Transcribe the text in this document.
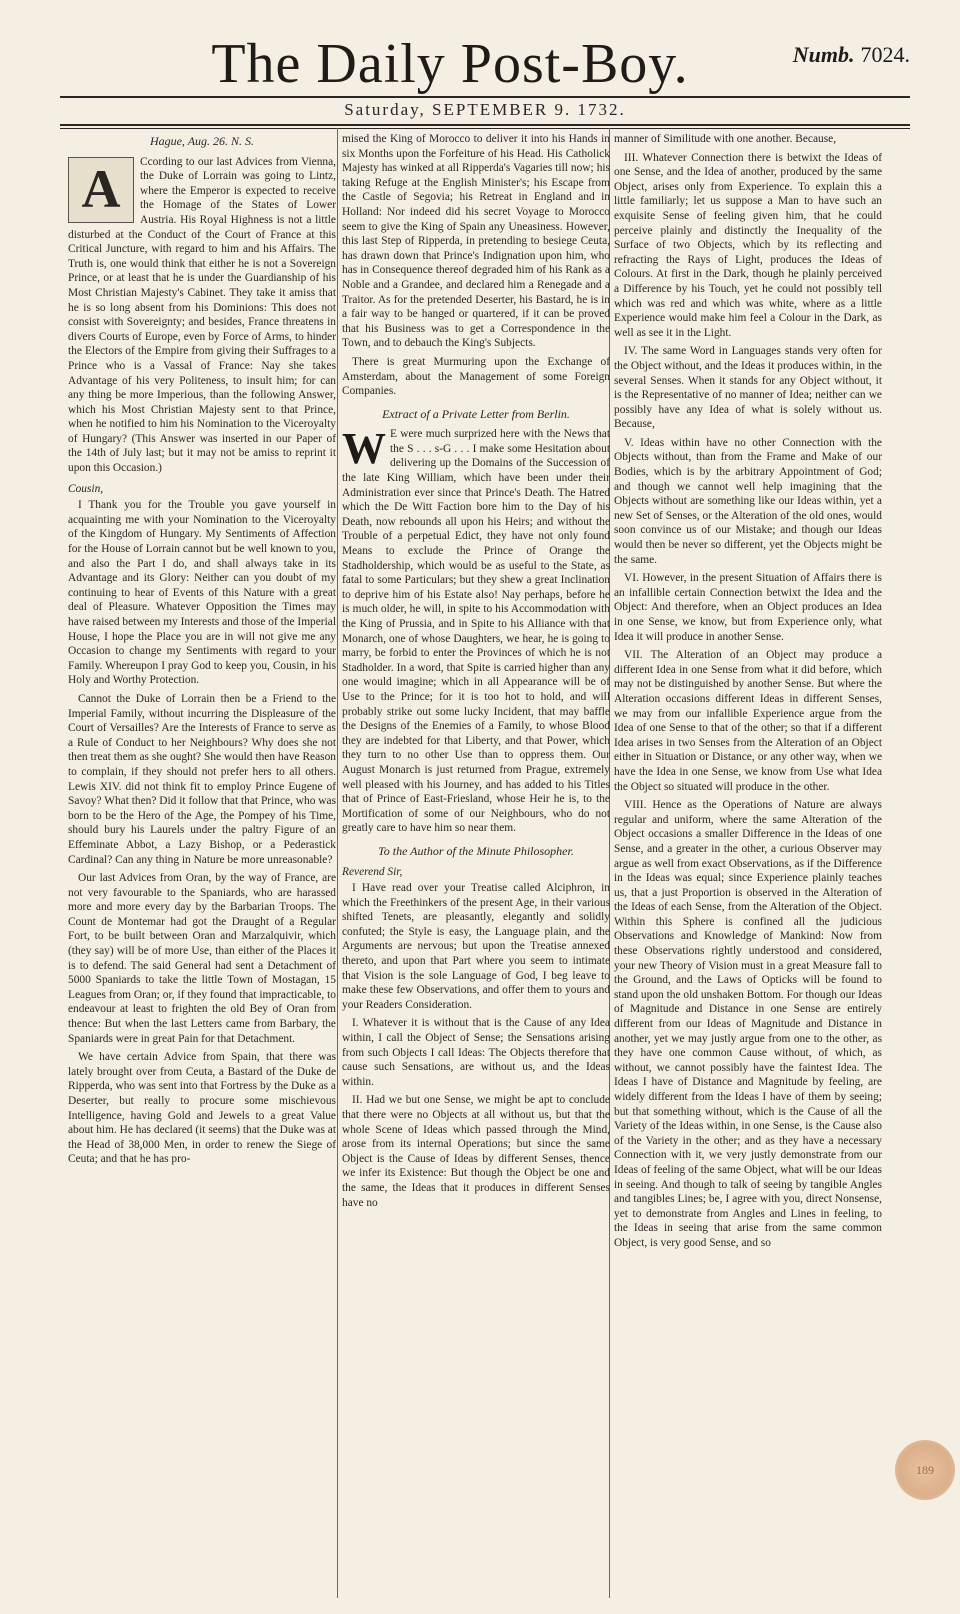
The Daily Post-Boy.	Numb. 7024.
Saturday, SEPTEMBER 9. 1732.

Hague, Aug. 26. N. S.

A	Ccording to our last Advices from Vienna, the Duke of Lorrain was going to Lintz, where the Emperor is expected to receive the Homage of the States of Lower Austria. His Royal Highness is not a little disturbed at the Conduct of the Court of France at this Critical Juncture, with regard to him and his Affairs. The Truth is, one would think that either he is not a Sovereign Prince, or at least that he is under the Guardianship of his Most Christian Majesty's Cabinet. They take it amiss that he is so long absent from his Dominions: This does not consist with Sovereignty; and besides, France threatens in divers Courts of Europe, even by Force of Arms, to hinder the Electors of the Empire from giving their Suffrages to a Prince who is a Vassal of France: Nay she takes Advantage of his very Politeness, to insult him; for can any thing be more Imperious, than the following Answer, which his Most Christian Majesty sent to that Prince, when he notified to him his Nomination to the Viceroyalty of Hungary? (This Answer was inserted in our Paper of the 14th of July last; but it may not be amiss to reprint it upon this Occasion.)

Cousin,

I Thank you for the Trouble you gave yourself in acquainting me with your Nomination to the Viceroyalty of the Kingdom of Hungary. My Sentiments of Affection for the House of Lorrain cannot but be well known to you, and also the Part I do, and shall always take in its Advantage and its Glory: Neither can you doubt of my continuing to hear of Events of this Nature with a great deal of Pleasure. Whatever Opposition the Times may have raised between my Interests and those of the Imperial House, I hope the Place you are in will not give me any Occasion to change my Sentiments with regard to your Family. Whereupon I pray God to keep you, Cousin, in his Holy and Worthy Protection.

Cannot the Duke of Lorrain then be a Friend to the Imperial Family, without incurring the Displeasure of the Court of Versailles? Are the Interests of France to serve as a Rule of Conduct to her Neighbours? Why does she not then treat them as she ought? She would then have Reason to complain, if they should not prefer hers to all others. Lewis XIV. did not think fit to employ Prince Eugene of Savoy? What then? Did it follow that that Prince, who was born to be the Hero of the Age, the Pompey of his Time, should bury his Laurels under the paltry Figure of an Effeminate Abbot, a Lazy Bishop, or a Pederastick Cardinal? Can any thing in Nature be more unreasonable?

Our last Advices from Oran, by the way of France, are not very favourable to the Spaniards, who are harassed more and more every day by the Barbarian Troops. The Count de Montemar had got the Draught of a Regular Fort, to be built between Oran and Marzalquivir, which (they say) will be of more Use, than either of the Places it is to defend. The said General had sent a Detachment of 5000 Spaniards to take the little Town of Mostagan, 15 Leagues from Oran; or, if they found that impracticable, to endeavour at least to frighten the old Bey of Oran from thence: But when the last Letters came from Barbary, the Spaniards were in great Pain for that Detachment.

We have certain Advice from Spain, that there was lately brought over from Ceuta, a Bastard of the Duke de Ripperda, who was sent into that Fortress by the Duke as a Deserter, but really to procure some mischievous Intelligence, having Gold and Jewels to a great Value about him. He has declared (it seems) that the Duke was at the Head of 38,000 Men, in order to renew the Siege of Ceuta; and that he has pro-

mised the King of Morocco to deliver it into his Hands in six Months upon the Forfeiture of his Head. His Catholick Majesty has winked at all Ripperda's Vagaries till now; his taking Refuge at the English Minister's; his Escape from the Castle of Segovia; his Retreat in England and in Holland: Nor indeed did his secret Voyage to Morocco seem to give the King of Spain any Uneasiness. However, this last Step of Ripperda, in pretending to besiege Ceuta, has drawn down that Prince's Indignation upon him, who has in Consequence thereof degraded him of his Rank as a Noble and a Grandee, and declared him a Renegade and a Traitor. As for the pretended Deserter, his Bastard, he is in a fair way to be hanged or quartered, if it can be proved that his Business was to get a Correspondence in the Town, and to debauch the King's Subjects.

There is great Murmuring upon the Exchange of Amsterdam, about the Management of some Foreign Companies.

Extract of a Private Letter from Berlin.

W E were much surprized here with the News that the S . . . s-G . . . I make some Hesitation about delivering up the Domains of the Succession of the late King William, which have been under their Administration ever since that Prince's Death. The Hatred which the De Witt Faction bore him to the Day of his Death, now rebounds all upon his Heirs; and without the Trouble of a perpetual Edict, they have not only found Means to exclude the Prince of Orange the Stadholdership, which would be as useful to the State, as fatal to some Particulars; but they shew a great Inclination to deprive him of his Estate also! Nay perhaps, before he is much older, he will, in spite to his Accommodation with the King of Prussia, and in Spite to his Alliance with that Monarch, one of whose Daughters, we hear, he is going to marry, be forbid to enter the Provinces of which he is not Stadholder. In a word, that Spite is carried higher than any one would imagine; which in all Appearance will be of Use to the Prince; for it is too hot to hold, and will probably strike out some lucky Incident, that may baffle the Designs of the Enemies of a Family, to whose Blood they are indebted for that Liberty, and that Power, which they turn to no other Use than to oppress them. Our August Monarch is just returned from Prague, extremely well pleased with his Journey, and has added to his Titles that of Prince of East-Friesland, whose Heir he is, to the Mortification of some of our Neighbours, who do not greatly care to have him so near them.

To the Author of the Minute Philosopher.

Reverend Sir,

I Have read over your Treatise called Alciphron, in which the Freethinkers of the present Age, in their various shifted Tenets, are pleasantly, elegantly and solidly confuted; the Style is easy, the Language plain, and the Arguments are nervous; but upon the Treatise annexed thereto, and upon that Part where you seem to intimate that Vision is the sole Language of God, I beg leave to make these few Observations, and offer them to yours and your Readers Consideration.

I. Whatever it is without that is the Cause of any Idea within, I call the Object of Sense; the Sensations arising from such Objects I call Ideas: The Objects therefore that cause such Sensations, are without us, and the Ideas within.

II. Had we but one Sense, we might be apt to conclude that there were no Objects at all without us, but that the whole Scene of Ideas which passed through the Mind, arose from its internal Operations; but since the same Object is the Cause of Ideas by different Senses, thence we infer its Existence: But though the Object be one and the same, the Ideas that it produces in different Senses have no

manner of Similitude with one another. Because,

III. Whatever Connection there is betwixt the Ideas of one Sense, and the Idea of another, produced by the same Object, arises only from Experience. To explain this a little familiarly; let us suppose a Man to have such an exquisite Sense of feeling given him, that he could perceive plainly and distinctly the Inequality of the Surface of two Objects, which by its reflecting and refracting the Rays of Light, produces the Ideas of Colours. At first in the Dark, though he plainly perceived a Difference by his Touch, yet he could not possibly tell which was red and which was white, where as a little Experience would make him feel a Colour in the Dark, as well as see it in the Light.

IV. The same Word in Languages stands very often for the Object without, and the Ideas it produces within, in the several Senses. When it stands for any Object without, it is the Representative of no manner of Idea; neither can we possibly have any Idea of what is solely without us. Because,

V. Ideas within have no other Connection with the Objects without, than from the Frame and Make of our Bodies, which is by the arbitrary Appointment of God; and though we cannot well help imagining that the Objects without are something like our Ideas within, yet a new Set of Senses, or the Alteration of the old ones, would soon convince us of our Mistake; and though our Ideas would then be never so different, yet the Objects might be the same.

VI. However, in the present Situation of Affairs there is an infallible certain Connection betwixt the Idea and the Object: And therefore, when an Object produces an Idea in one Sense, we know, but from Experience only, what Idea it will produce in another Sense.

VII. The Alteration of an Object may produce a different Idea in one Sense from what it did before, which may not be distinguished by another Sense. But where the Alteration occasions different Ideas in different Senses, we may from our infallible Experience argue from the Idea of one Sense to that of the other; so that if a different Idea arises in two Senses from the Alteration of an Object either in Situation or Distance, or any other way, when we have the Idea in one Sense, we know from Use what Idea the Object so situated will produce in the other.

VIII. Hence as the Operations of Nature are always regular and uniform, where the same Alteration of the Object occasions a smaller Difference in the Ideas of one Sense, and a greater in the other, a curious Observer may argue as well from exact Observations, as if the Difference in the Ideas was equal; since Experience plainly teaches us, that a just Proportion is observed in the Alteration of the Ideas of each Sense, from the Alteration of the Object. Within this Sphere is confined all the judicious Observations and Knowledge of Mankind: Now from these Observations rightly understood and considered, your new Theory of Vision must in a great Measure fall to the Ground, and the Laws of Opticks will be found to stand upon the old unshaken Bottom. For though our Ideas of Magnitude and Distance in one Sense are entirely different from our Ideas of Magnitude and Distance in another, yet we may justly argue from one to the other, as they have one common Cause without, of which, as without, we cannot possibly have the faintest Idea. The Ideas I have of Distance and Magnitude by feeling, are widely different from the Ideas I have of them by seeing; but that something without, which is the Cause of all the Variety of the Ideas within, in one Sense, is the Cause also of the Variety in the other; and as they have a necessary Connection with it, we very justly demonstrate from our Ideas of feeling of the same Object, what will be our Ideas in seeing. And though to talk of seeing by tangible Angles and tangibles Lines; be, I agree with you, direct Nonsense, yet to demonstrate from Angles and Lines in feeling, to the Ideas in seeing that arise from the same common Object, is very good Sense, and so

189
